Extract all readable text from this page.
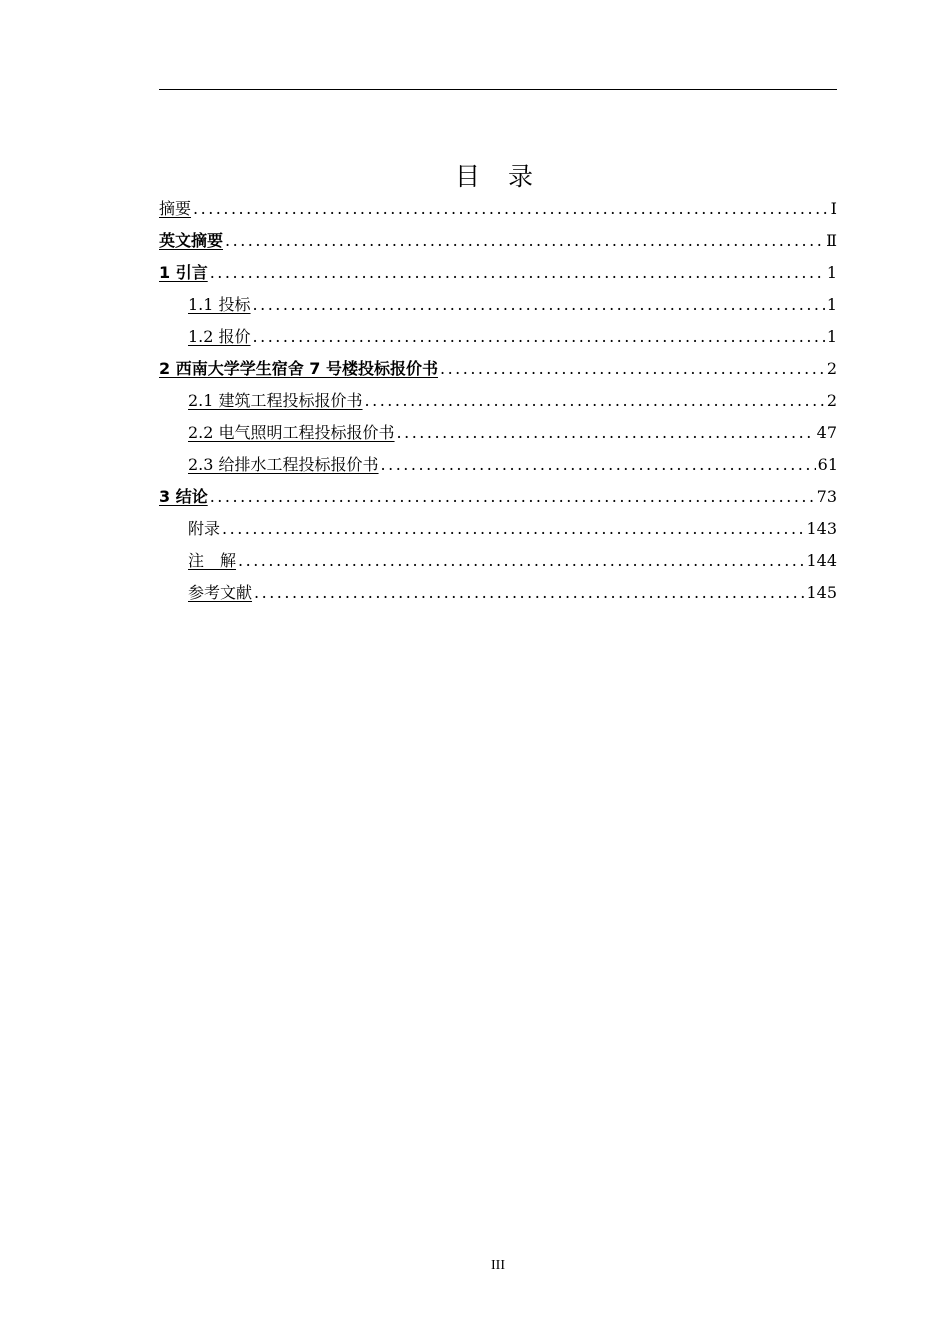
目 录
摘要 .....	I
英文摘要 .....	Ⅱ
1 引言 .....	1
1.1 投标 .....	1
1.2 报价 .....	1
2 西南大学学生宿舍 7 号楼投标报价书 .....	2
2.1 建筑工程投标报价书 .....	2
2.2 电气照明工程投标报价书 .....	47
2.3 给排水工程投标报价书 .....	61
3 结论 .....	73
附录 .....	143
注　解 .....	144
参考文献 .....	145
III
